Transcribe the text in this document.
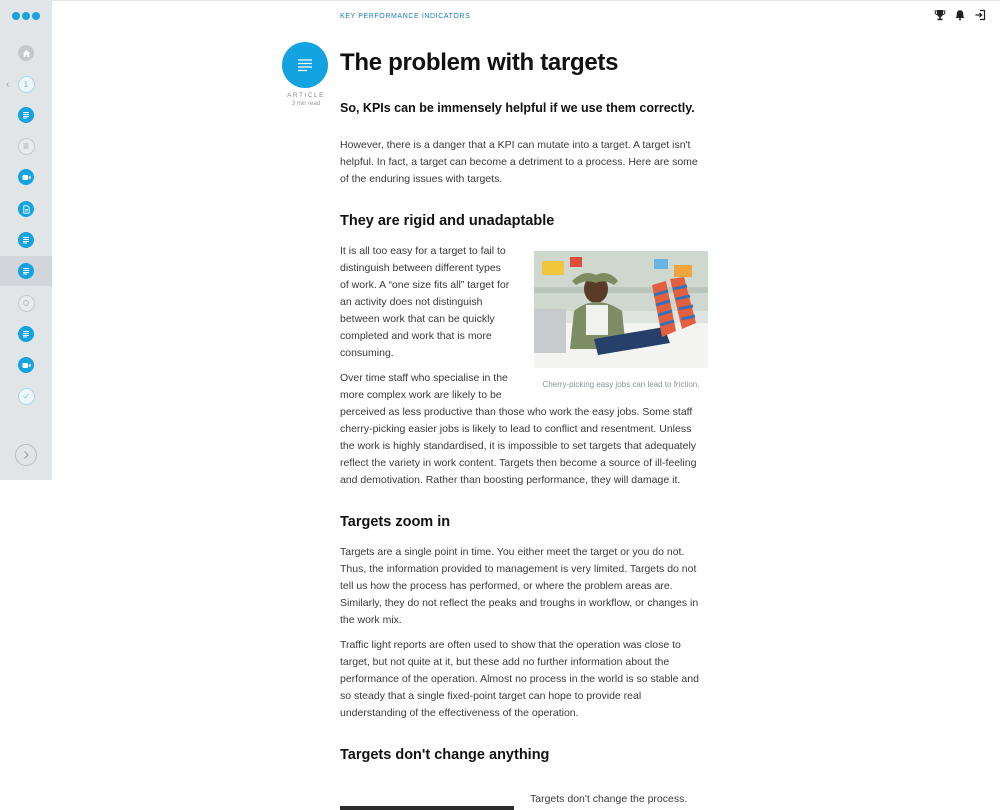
‹ 1
KEY PERFORMANCE INDICATORS
ARTICLE
3 min read
The problem with targets

So, KPIs can be immensely helpful if we use them correctly.

However, there is a danger that a KPI can mutate into a target. A target isn't helpful. In fact, a target can become a detriment to a process. Here are some of the enduring issues with targets.

They are rigid and unadaptable
Cherry-picking easy jobs can lead to friction.

It is all too easy for a target to fail to distinguish between different types of work. A “one size fits all” target for an activity does not distinguish between work that can be quickly completed and work that is more consuming.

Over time staff who specialise in the more complex work are likely to be perceived as less productive than those who work the easy jobs. Some staff cherry-picking easier jobs is likely to lead to conflict and resentment. Unless the work is highly standardised, it is impossible to set targets that adequately reflect the variety in work content. Targets then become a source of ill-feeling and demotivation. Rather than boosting performance, they will damage it.

Targets zoom in

Targets are a single point in time. You either meet the target or you do not. Thus, the information provided to management is very limited. Targets do not tell us how the process has performed, or where the problem areas are. Similarly, they do not reflect the peaks and troughs in workflow, or changes in the work mix.

Traffic light reports are often used to show that the operation was close to target, but not quite at it, but these add no further information about the performance of the operation. Almost no process in the world is so stable and so steady that a single fixed-point target can hope to provide real understanding of the effectiveness of the operation.

Targets don't change anything
Targets don't change the process.
